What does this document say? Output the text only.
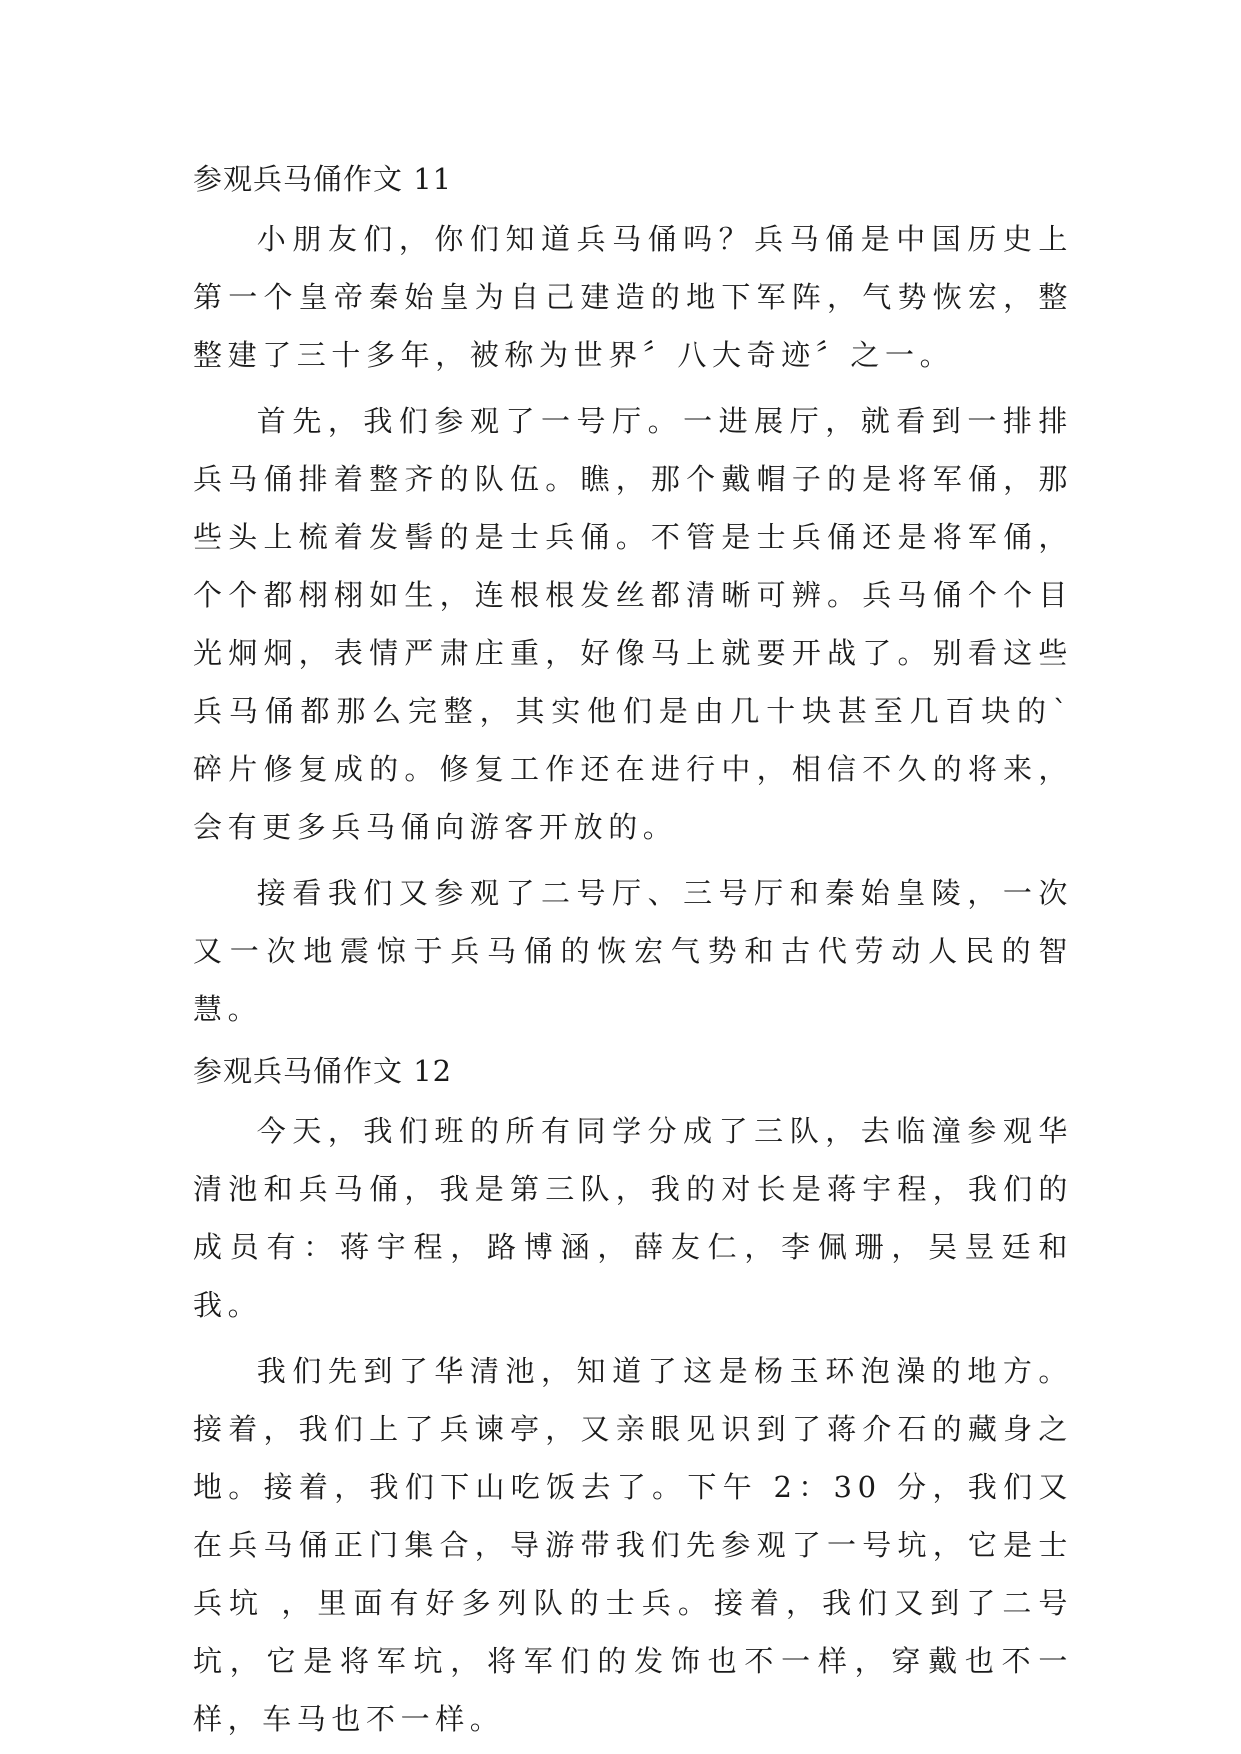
参观兵马俑作文 11

小朋友们，你们知道兵马俑吗？兵马俑是中国历史上第一个皇帝秦始皇为自己建造的地下军阵，气势恢宏，整整建了三十多年，被称为世界〞八大奇迹〞之一。

首先，我们参观了一号厅。一进展厅，就看到一排排兵马俑排着整齐的队伍。瞧，那个戴帽子的是将军俑，那些头上梳着发髻的是士兵俑。不管是士兵俑还是将军俑，个个都栩栩如生，连根根发丝都清晰可辨。兵马俑个个目光炯炯，表情严肃庄重，好像马上就要开战了。别看这些兵马俑都那么完整，其实他们是由几十块甚至几百块的`碎片修复成的。修复工作还在进行中，相信不久的将来，会有更多兵马俑向游客开放的。

接看我们又参观了二号厅、三号厅和秦始皇陵，一次又一次地震惊于兵马俑的恢宏气势和古代劳动人民的智慧。

参观兵马俑作文 12

今天，我们班的所有同学分成了三队，去临潼参观华清池和兵马俑，我是第三队，我的对长是蒋宇程，我们的成员有：蒋宇程，路博涵，薛友仁，李佩珊，吴昱廷和我。

我们先到了华清池，知道了这是杨玉环泡澡的地方。接着，我们上了兵谏亭，又亲眼见识到了蒋介石的藏身之地。接着，我们下山吃饭去了。下午 2：30 分，我们又在兵马俑正门集合，导游带我们先参观了一号坑，它是士兵坑 ，里面有好多列队的士兵。接着，我们又到了二号坑，它是将军坑，将军们的发饰也不一样，穿戴也不一样，车马也不一样。
